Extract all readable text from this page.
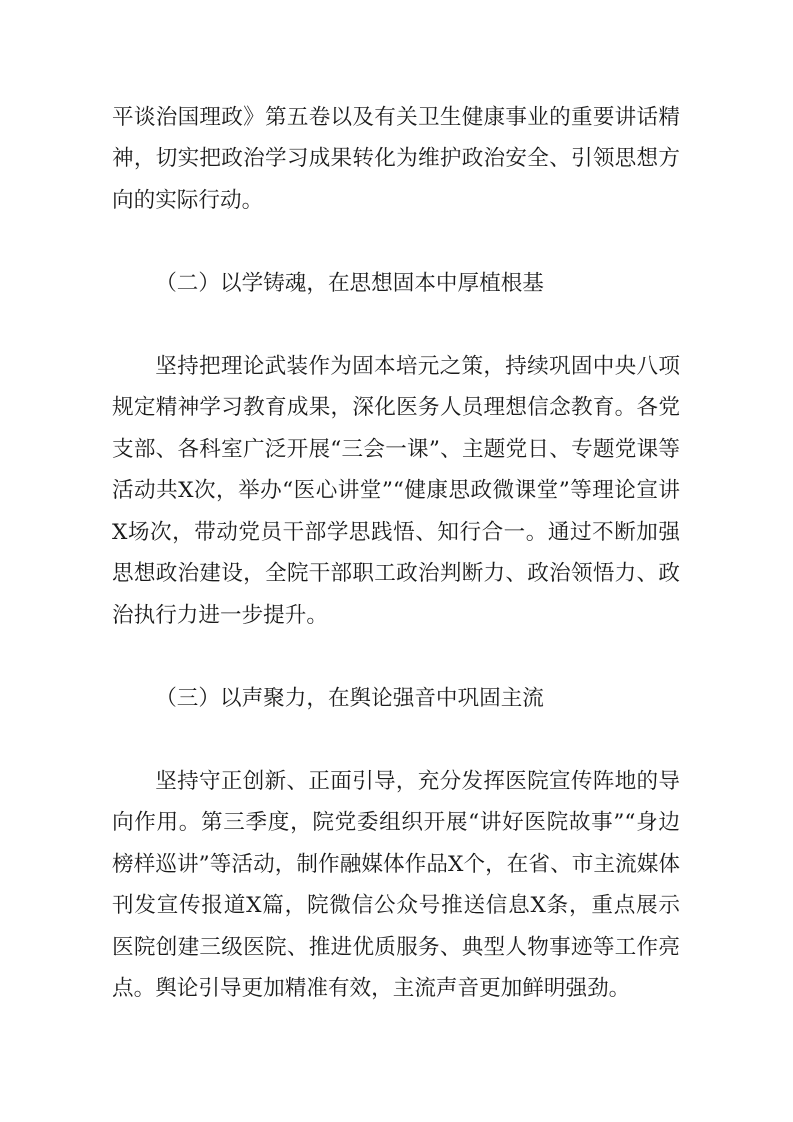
平谈治国理政》第五卷以及有关卫生健康事业的重要讲话精神，切实把政治学习成果转化为维护政治安全、引领思想方向的实际行动。

（二）以学铸魂，在思想固本中厚植根基

坚持把理论武装作为固本培元之策，持续巩固中央八项规定精神学习教育成果，深化医务人员理想信念教育。各党支部、各科室广泛开展“三会一课”、主题党日、专题党课等活动共X次，举办“医心讲堂”“健康思政微课堂”等理论宣讲X场次，带动党员干部学思践悟、知行合一。通过不断加强思想政治建设，全院干部职工政治判断力、政治领悟力、政治执行力进一步提升。

（三）以声聚力，在舆论强音中巩固主流

坚持守正创新、正面引导，充分发挥医院宣传阵地的导向作用。第三季度，院党委组织开展“讲好医院故事”“身边榜样巡讲”等活动，制作融媒体作品X个，在省、市主流媒体刊发宣传报道X篇，院微信公众号推送信息X条，重点展示医院创建三级医院、推进优质服务、典型人物事迹等工作亮点。舆论引导更加精准有效，主流声音更加鲜明强劲。
